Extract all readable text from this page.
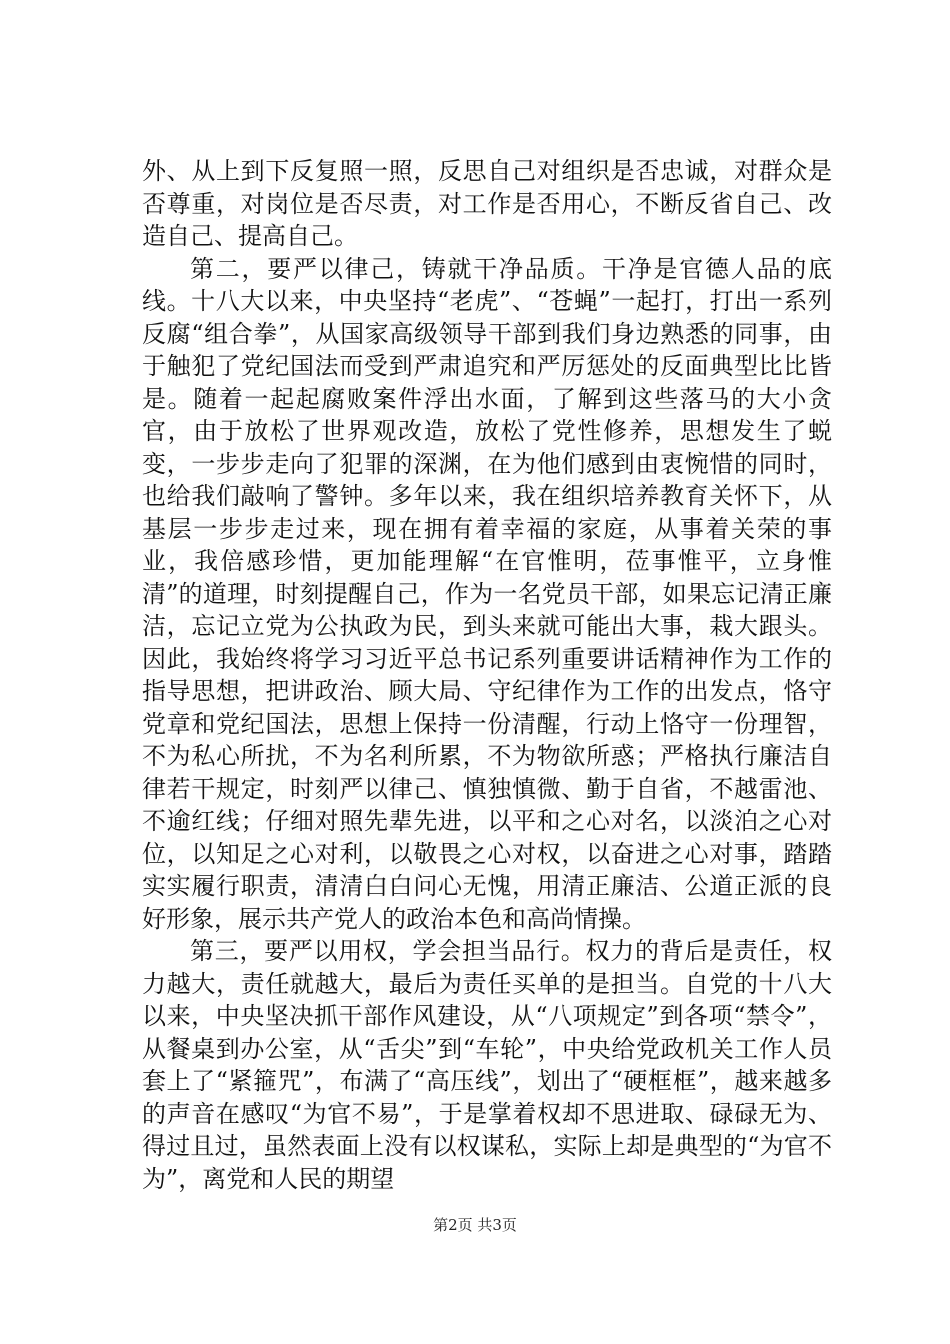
外、从上到下反复照一照，反思自己对组织是否忠诚，对群众是否尊重，对岗位是否尽责，对工作是否用心，不断反省自己、改造自己、提高自己。

第二，要严以律己，铸就干净品质。干净是官德人品的底线。十八大以来，中央坚持“老虎”、“苍蝇”一起打，打出一系列反腐“组合拳”，从国家高级领导干部到我们身边熟悉的同事，由于触犯了党纪国法而受到严肃追究和严厉惩处的反面典型比比皆是。随着一起起腐败案件浮出水面，了解到这些落马的大小贪官，由于放松了世界观改造，放松了党性修养，思想发生了蜕变，一步步走向了犯罪的深渊，在为他们感到由衷惋惜的同时，也给我们敲响了警钟。多年以来，我在组织培养教育关怀下，从基层一步步走过来，现在拥有着幸福的家庭，从事着关荣的事业，我倍感珍惜，更加能理解“在官惟明，莅事惟平，立身惟清”的道理，时刻提醒自己，作为一名党员干部，如果忘记清正廉洁，忘记立党为公执政为民，到头来就可能出大事，栽大跟头。因此，我始终将学习习近平总书记系列重要讲话精神作为工作的指导思想，把讲政治、顾大局、守纪律作为工作的出发点，恪守党章和党纪国法，思想上保持一份清醒，行动上恪守一份理智，不为私心所扰，不为名利所累，不为物欲所惑；严格执行廉洁自律若干规定，时刻严以律己、慎独慎微、勤于自省，不越雷池、不逾红线；仔细对照先辈先进，以平和之心对名，以淡泊之心对位，以知足之心对利，以敬畏之心对权，以奋进之心对事，踏踏实实履行职责，清清白白问心无愧，用清正廉洁、公道正派的良好形象，展示共产党人的政治本色和高尚情操。

第三，要严以用权，学会担当品行。权力的背后是责任，权力越大，责任就越大，最后为责任买单的是担当。自党的十八大以来，中央坚决抓干部作风建设，从“八项规定”到各项“禁令”，从餐桌到办公室，从“舌尖”到“车轮”，中央给党政机关工作人员套上了“紧箍咒”，布满了“高压线”，划出了“硬框框”，越来越多的声音在感叹“为官不易”，于是掌着权却不思进取、碌碌无为、得过且过，虽然表面上没有以权谋私，实际上却是典型的“为官不为”，离党和人民的期望

第2页 共3页
